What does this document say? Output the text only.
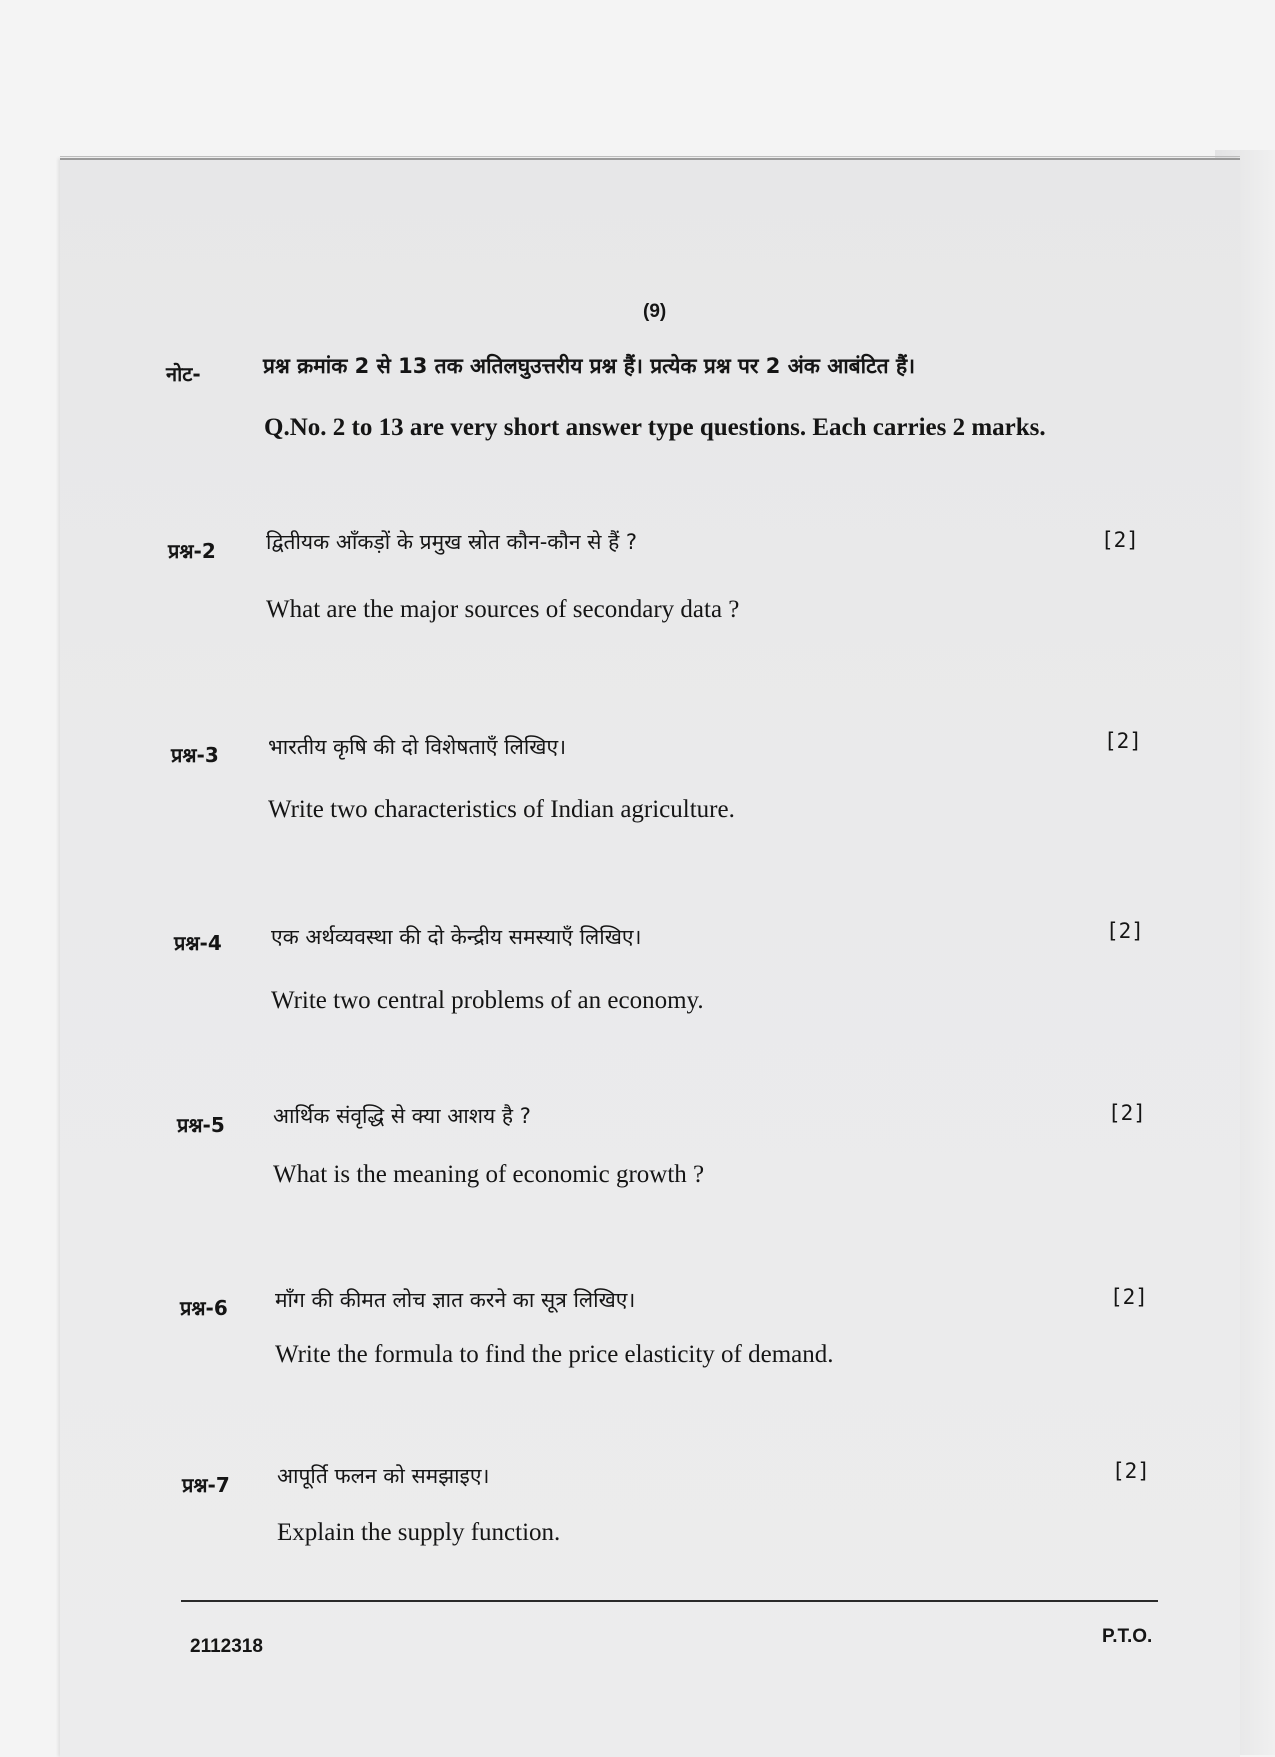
(9)
नोट-	प्रश्न क्रमांक 2 से 13 तक अतिलघुउत्तरीय प्रश्न हैं। प्रत्येक प्रश्न पर 2 अंक आबंटित हैं।
Q.No. 2 to 13 are very short answer type questions. Each carries 2 marks.
प्रश्न-2 द्वितीयक आँकड़ों के प्रमुख स्रोत कौन-कौन से हैं ?	[2]
What are the major sources of secondary data ?
प्रश्न-3 भारतीय कृषि की दो विशेषताएँ लिखिए।	[2]
Write two characteristics of Indian agriculture.
प्रश्न-4 एक अर्थव्यवस्था की दो केन्द्रीय समस्याएँ लिखिए।	[2]
Write two central problems of an economy.
प्रश्न-5 आर्थिक संवृद्धि से क्या आशय है ?	[2]
What is the meaning of economic growth ?
प्रश्न-6 माँग की कीमत लोच ज्ञात करने का सूत्र लिखिए।	[2]
Write the formula to find the price elasticity of demand.
प्रश्न-7 आपूर्ति फलन को समझाइए।	[2]
Explain the supply function.
2112318	P.T.O.
